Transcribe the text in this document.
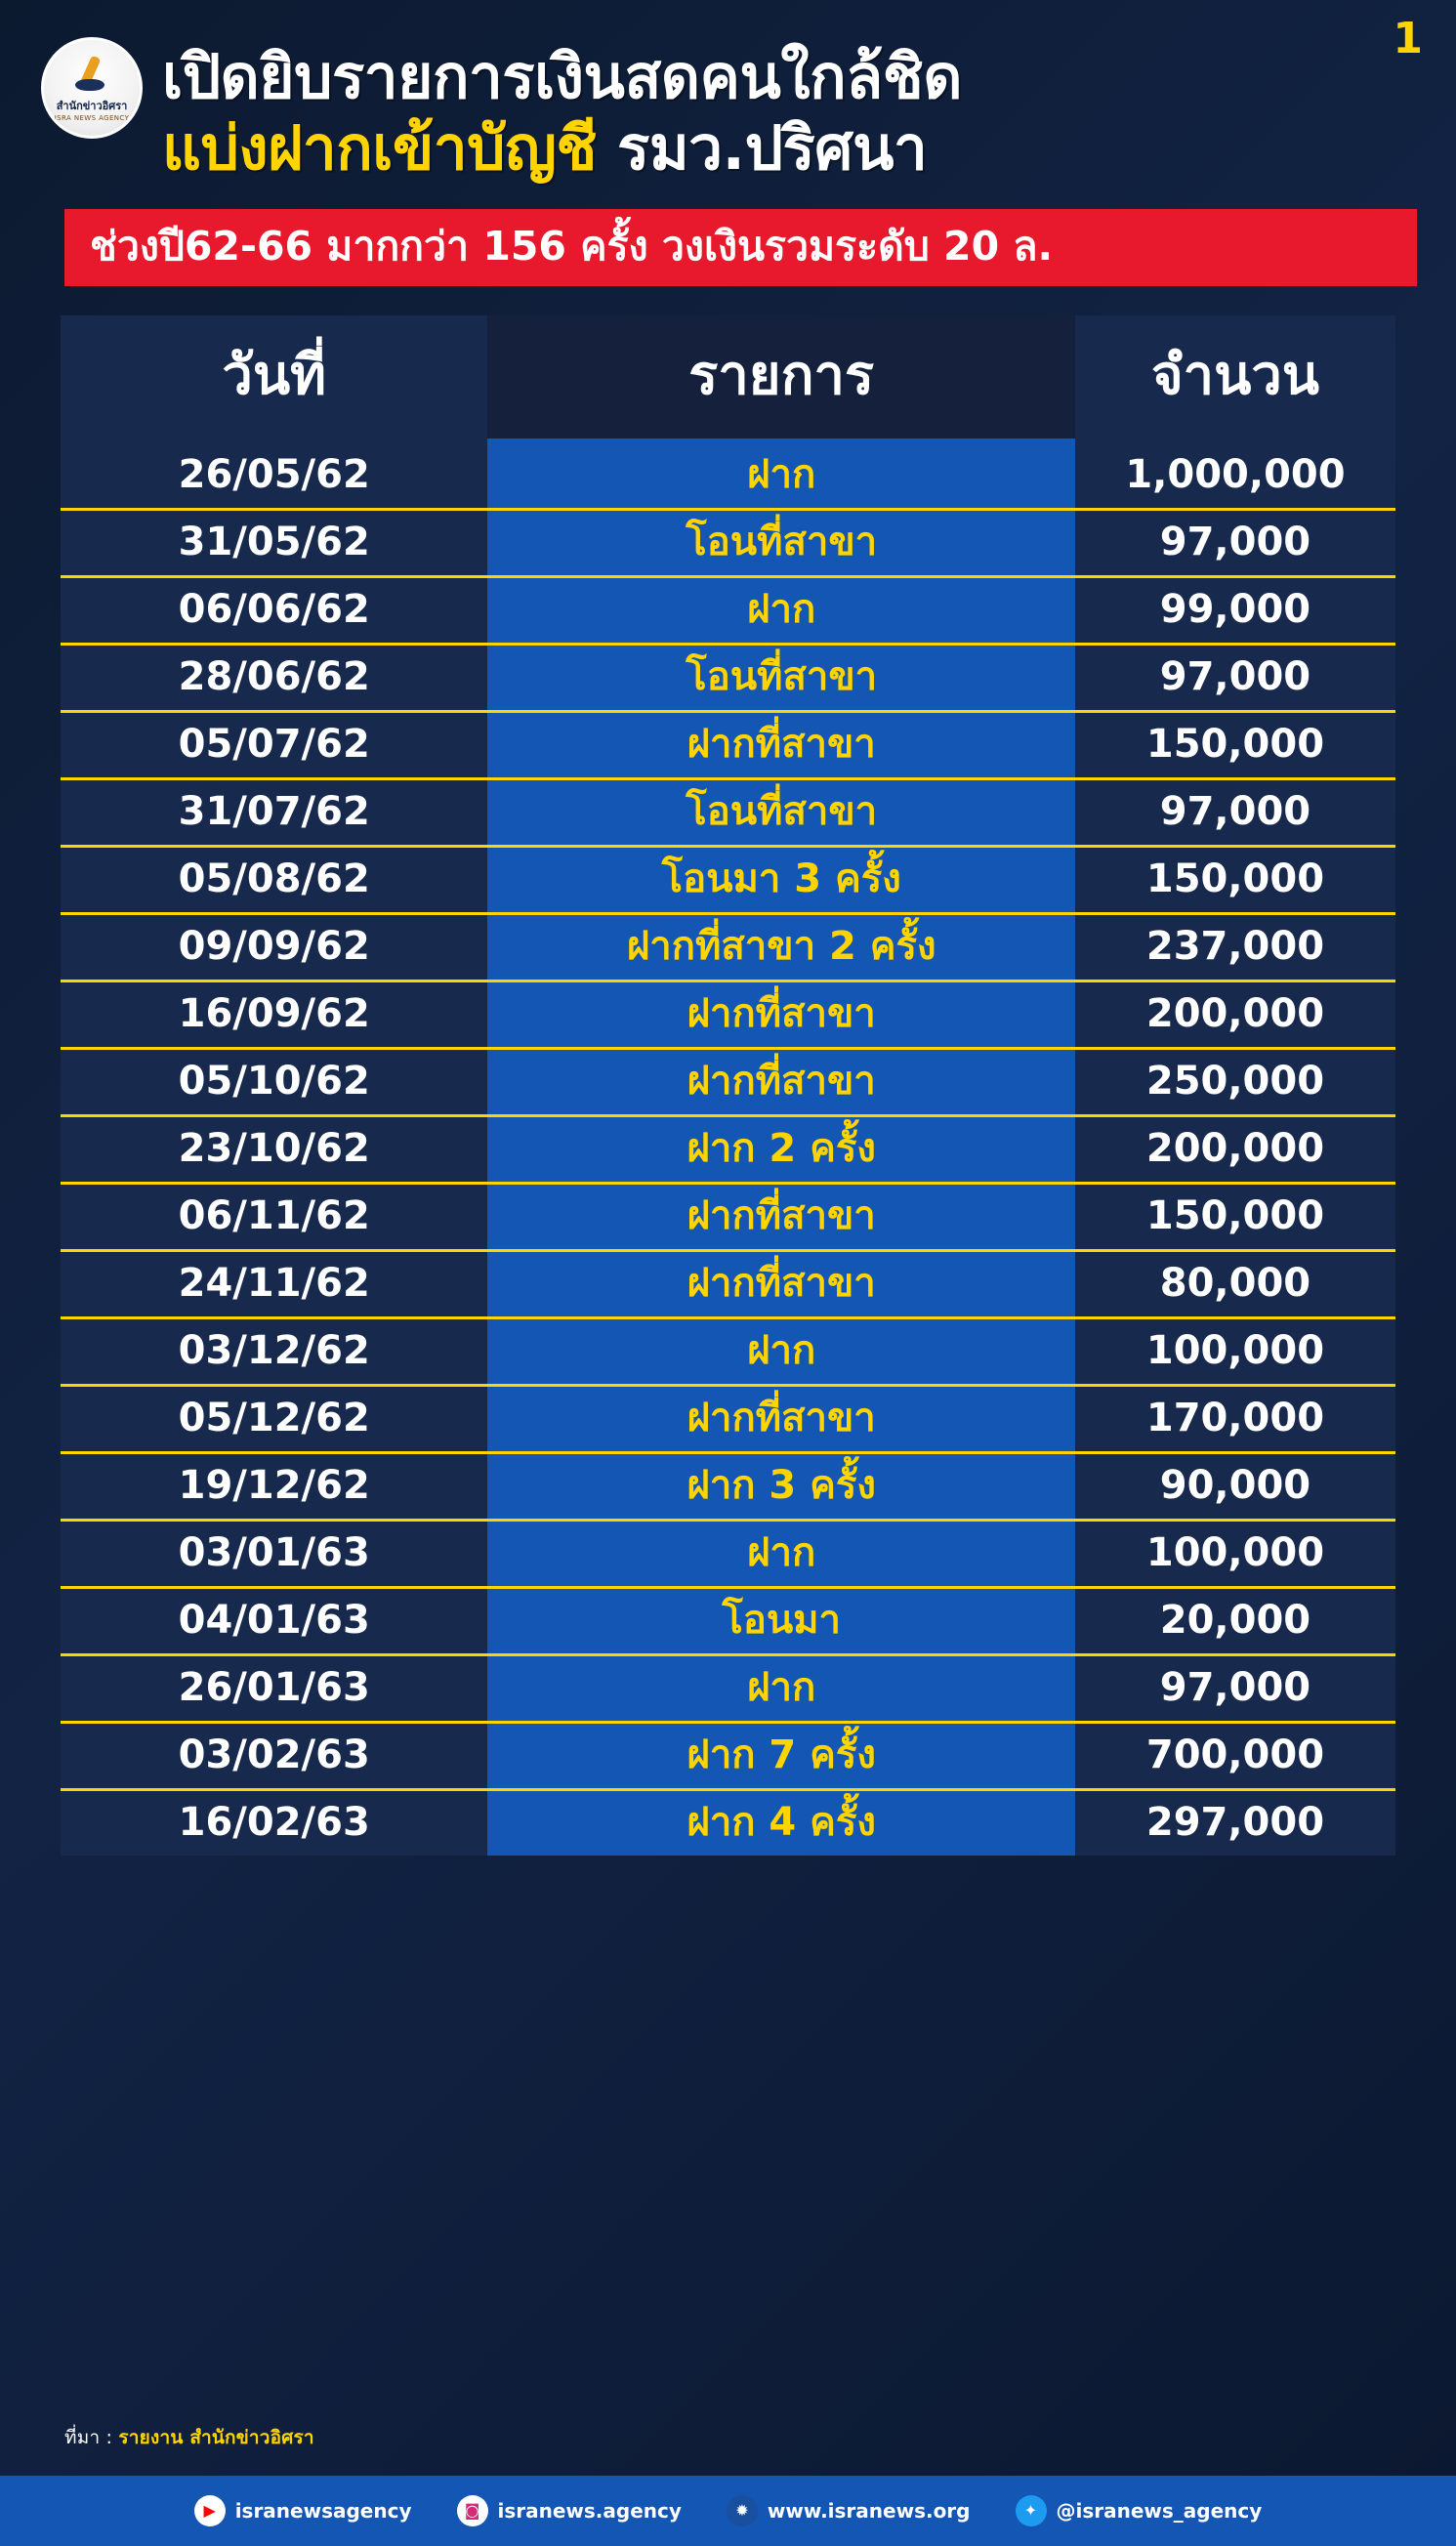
1
สำนักข่าวอิศรา
ISRA NEWS AGENCY
เปิดยิบรายการเงินสดคนใกล้ชิด
แบ่งฝากเข้าบัญชี รมว.ปริศนา
ช่วงปี62-66 มากกว่า 156 ครั้ง วงเงินรวมระดับ 20 ล.
วันที่	รายการ	จำนวน
26/05/62	ฝาก	1,000,000
31/05/62	โอนที่สาขา	97,000
06/06/62	ฝาก	99,000
28/06/62	โอนที่สาขา	97,000
05/07/62	ฝากที่สาขา	150,000
31/07/62	โอนที่สาขา	97,000
05/08/62	โอนมา 3 ครั้ง	150,000
09/09/62	ฝากที่สาขา 2 ครั้ง	237,000
16/09/62	ฝากที่สาขา	200,000
05/10/62	ฝากที่สาขา	250,000
23/10/62	ฝาก 2 ครั้ง	200,000
06/11/62	ฝากที่สาขา	150,000
24/11/62	ฝากที่สาขา	80,000
03/12/62	ฝาก	100,000
05/12/62	ฝากที่สาขา	170,000
19/12/62	ฝาก 3 ครั้ง	90,000
03/01/63	ฝาก	100,000
04/01/63	โอนมา	20,000
26/01/63	ฝาก	97,000
03/02/63	ฝาก 7 ครั้ง	700,000
16/02/63	ฝาก 4 ครั้ง	297,000
ที่มา : รายงาน สำนักข่าวอิศรา
▶ isranewsagency	◙ isranews.agency	✹ www.isranews.org	✦ @isranews_agency
